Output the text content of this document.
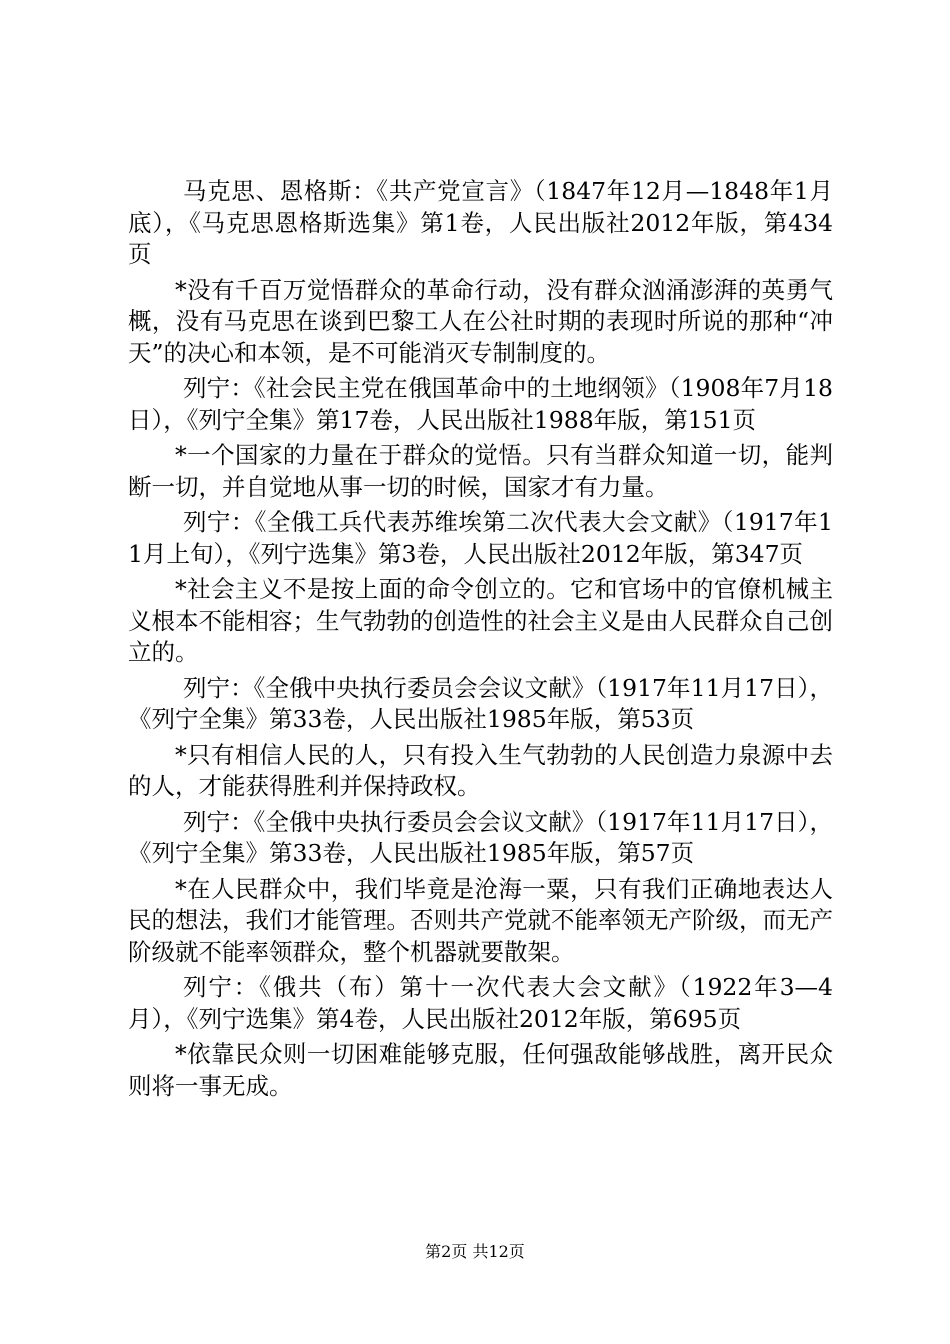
马克思、恩格斯：《共产党宣言》（1847年12月—1848年1月底），《马克思恩格斯选集》第1卷，人民出版社2012年版，第434页

*没有千百万觉悟群众的革命行动，没有群众汹涌澎湃的英勇气概，没有马克思在谈到巴黎工人在公社时期的表现时所说的那种“冲天”的决心和本领，是不可能消灭专制制度的。

列宁：《社会民主党在俄国革命中的土地纲领》（1908年7月18日），《列宁全集》第17卷，人民出版社1988年版，第151页

*一个国家的力量在于群众的觉悟。只有当群众知道一切，能判断一切，并自觉地从事一切的时候，国家才有力量。

列宁：《全俄工兵代表苏维埃第二次代表大会文献》（1917年11月上旬），《列宁选集》第3卷，人民出版社2012年版，第347页

*社会主义不是按上面的命令创立的。它和官场中的官僚机械主义根本不能相容；生气勃勃的创造性的社会主义是由人民群众自己创立的。

列宁：《全俄中央执行委员会会议文献》（1917年11月17日），《列宁全集》第33卷，人民出版社1985年版，第53页

*只有相信人民的人，只有投入生气勃勃的人民创造力泉源中去的人，才能获得胜利并保持政权。

列宁：《全俄中央执行委员会会议文献》（1917年11月17日），《列宁全集》第33卷，人民出版社1985年版，第57页

*在人民群众中，我们毕竟是沧海一粟，只有我们正确地表达人民的想法，我们才能管理。否则共产党就不能率领无产阶级，而无产阶级就不能率领群众，整个机器就要散架。

列宁：《俄共（布）第十一次代表大会文献》（1922年3—4月），《列宁选集》第4卷，人民出版社2012年版，第695页

*依靠民众则一切困难能够克服，任何强敌能够战胜，离开民众则将一事无成。

第2页 共12页
